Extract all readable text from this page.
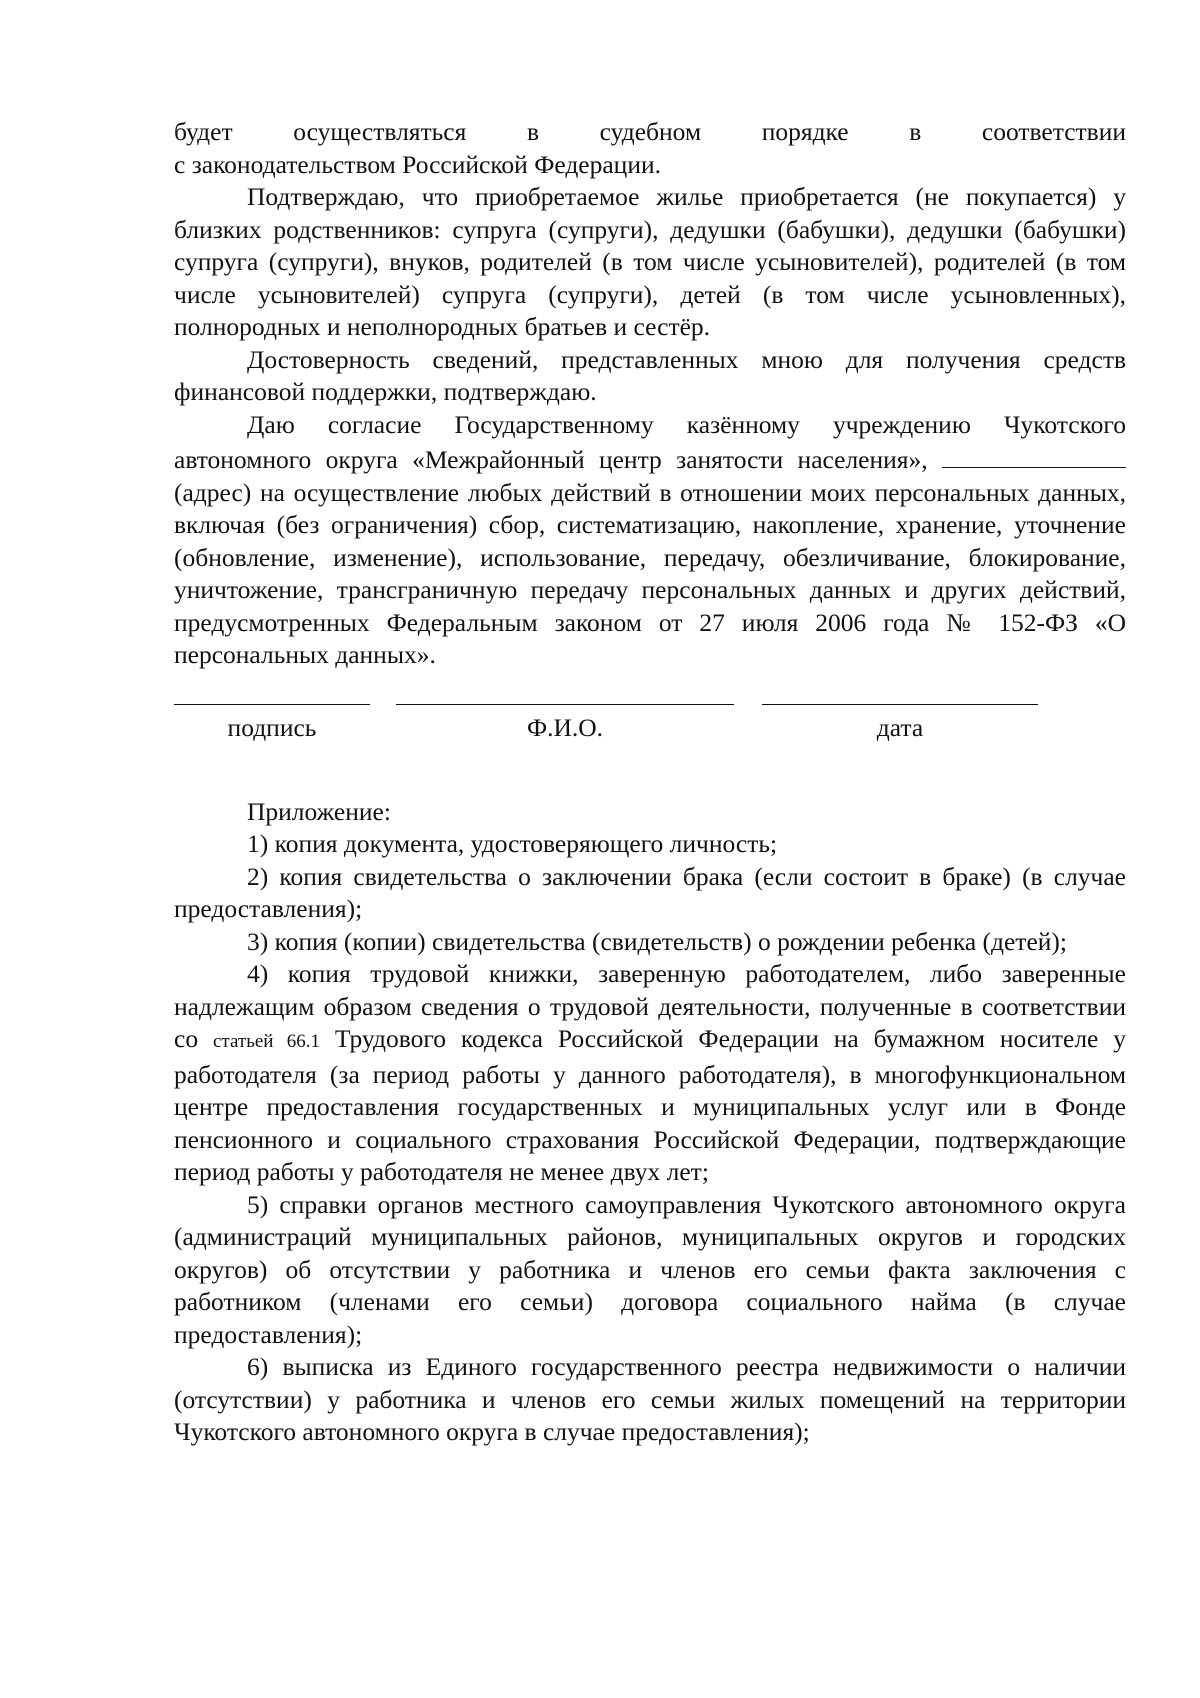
будет осуществляться в судебном порядке в соответствии

с законодательством Российской Федерации.

Подтверждаю, что приобретаемое жилье приобретается (не покупается) у близких родственников: супруга (супруги), дедушки (бабушки), дедушки (бабушки) супруга (супруги), внуков, родителей (в том числе усыновителей), родителей (в том числе усыновителей) супруга (супруги), детей (в том числе усыновленных), полнородных и неполнородных братьев и сестёр.

Достоверность сведений, представленных мною для получения средств финансовой поддержки, подтверждаю.

Даю согласие Государственному казённому учреждению Чукотского автономного округа «Межрайонный центр занятости населения»,  (адрес) на осуществление любых действий в отношении моих персональных данных, включая (без ограничения) сбор, систематизацию, накопление, хранение, уточнение (обновление, изменение), использование, передачу, обезличивание, блокирование, уничтожение, трансграничную передачу персональных данных и других действий, предусмотренных Федеральным законом от 27 июля 2006 года № 152-ФЗ «О персональных данных».

подпись	Ф.И.О.	дата

Приложение:

1) копия документа, удостоверяющего личность;

2) копия свидетельства о заключении брака (если состоит в браке) (в случае предоставления);

3) копия (копии) свидетельства (свидетельств) о рождении ребенка (детей);

4) копия трудовой книжки, заверенную работодателем, либо заверенные надлежащим образом сведения о трудовой деятельности, полученные в соответствии со статьей 66.1 Трудового кодекса Российской Федерации на бумажном носителе у работодателя (за период работы у данного работодателя), в многофункциональном центре предоставления государственных и муниципальных услуг или в Фонде пенсионного и социального страхования Российской Федерации, подтверждающие период работы у работодателя не менее двух лет;

5) справки органов местного самоуправления Чукотского автономного округа (администраций муниципальных районов, муниципальных округов и городских округов) об отсутствии у работника и членов его семьи факта заключения с работником (членами его семьи) договора социального найма (в случае предоставления);

6) выписка из Единого государственного реестра недвижимости о наличии (отсутствии) у работника и членов его семьи жилых помещений на территории Чукотского автономного округа в случае предоставления);
